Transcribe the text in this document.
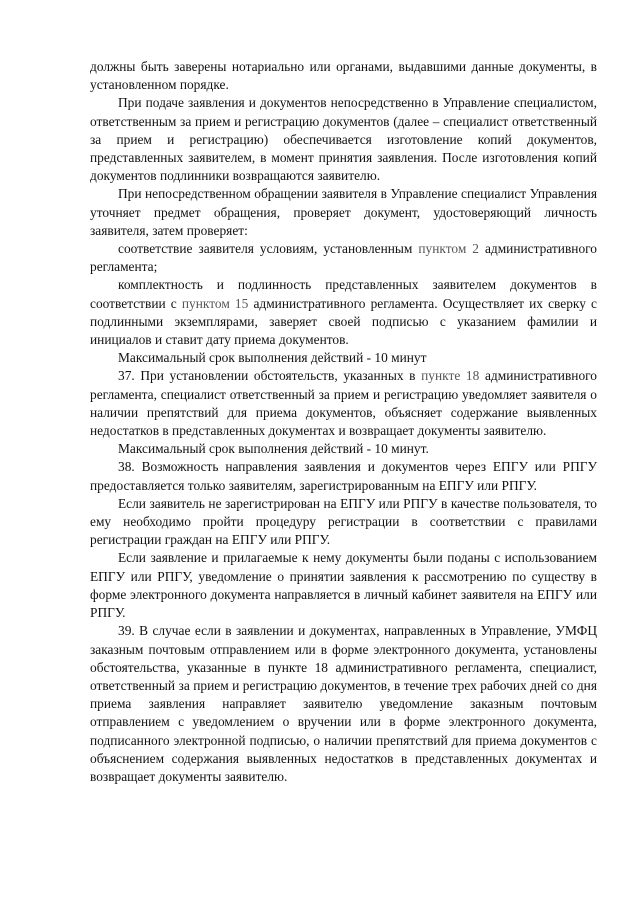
должны быть заверены нотариально или органами, выдавшими данные документы, в установленном порядке.

При подаче заявления и документов непосредственно в Управление специалистом, ответственным за прием и регистрацию документов (далее – специалист ответственный за прием и регистрацию) обеспечивается изготовление копий документов, представленных заявителем, в момент принятия заявления. После изготовления копий документов подлинники возвращаются заявителю.

При непосредственном обращении заявителя в Управление специалист Управления уточняет предмет обращения, проверяет документ, удостоверяющий личность заявителя, затем проверяет:

соответствие заявителя условиям, установленным пунктом 2 административного регламента;

комплектность и подлинность представленных заявителем документов в соответствии с пунктом 15 административного регламента. Осуществляет их сверку с подлинными экземплярами, заверяет своей подписью с указанием фамилии и инициалов и ставит дату приема документов.

Максимальный срок выполнения действий - 10 минут

37. При установлении обстоятельств, указанных в пункте 18 административного регламента, специалист ответственный за прием и регистрацию уведомляет заявителя о наличии препятствий для приема документов, объясняет содержание выявленных недостатков в представленных документах и возвращает документы заявителю.

Максимальный срок выполнения действий - 10 минут.

38. Возможность направления заявления и документов через ЕПГУ или РПГУ предоставляется только заявителям, зарегистрированным на ЕПГУ или РПГУ.

Если заявитель не зарегистрирован на ЕПГУ или РПГУ в качестве пользователя, то ему необходимо пройти процедуру регистрации в соответствии с правилами регистрации граждан на ЕПГУ или РПГУ.

Если заявление и прилагаемые к нему документы были поданы с использованием ЕПГУ или РПГУ, уведомление о принятии заявления к рассмотрению по существу в форме электронного документа направляется в личный кабинет заявителя на ЕПГУ или РПГУ.

39. В случае если в заявлении и документах, направленных в Управление, УМФЦ заказным почтовым отправлением или в форме электронного документа, установлены обстоятельства, указанные в пункте 18 административного регламента, специалист, ответственный за прием и регистрацию документов, в течение трех рабочих дней со дня приема заявления направляет заявителю уведомление заказным почтовым отправлением с уведомлением о вручении или в форме электронного документа, подписанного электронной подписью, о наличии препятствий для приема документов с объяснением содержания выявленных недостатков в представленных документах и возвращает документы заявителю.
